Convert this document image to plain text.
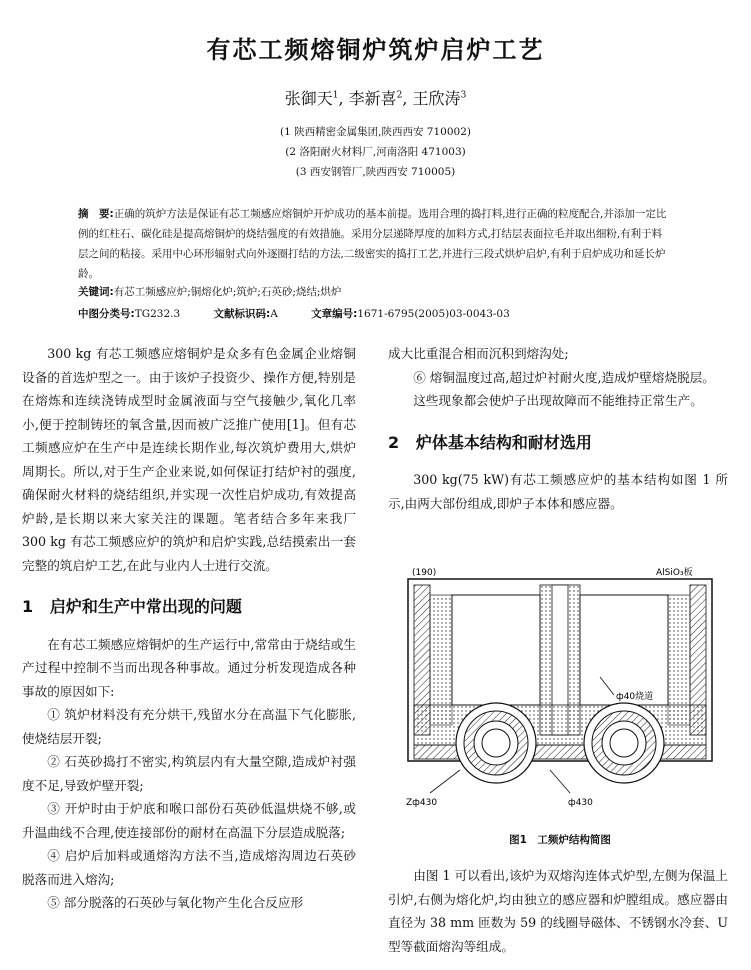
有芯工频熔铜炉筑炉启炉工艺
张御天$^1$, 李新喜$^2$, 王欣涛$^3$
(1 陕西精密金属集团,陕西西安 710002)
(2 洛阳耐火材料厂,河南洛阳 471003)
(3 西安钢管厂,陕西西安 710005)
摘　要:正确的筑炉方法是保证有芯工频感应熔铜炉开炉成功的基本前提。选用合理的捣打料,进行正确的粒度配合,并添加一定比例的红柱石、碳化硅是提高熔铜炉的烧结强度的有效措施。采用分层递降厚度的加料方式,打结层表面拉毛并取出细粉,有利于料层之间的粘接。采用中心环形辐射式向外逐圈打结的方法,二级密实的捣打工艺,并进行三段式烘炉启炉,有利于启炉成功和延长炉龄。
关键词:有芯工频感应炉;铜熔化炉;筑炉;石英砂;烧结;烘炉
中图分类号:TG232.3	文献标识码:A	文章编号:1671-6795(2005)03-0043-03

300 kg 有芯工频感应熔铜炉是众多有色金属企业熔铜设备的首选炉型之一。由于该炉子投资少、操作方便,特别是在熔炼和连续浇铸成型时金属液面与空气接触少,氧化几率小,便于控制铸坯的氧含量,因而被广泛推广使用[1]。但有芯工频感应炉在生产中是连续长期作业,每次筑炉费用大,烘炉周期长。所以,对于生产企业来说,如何保证打结炉衬的强度,确保耐火材料的烧结组织,并实现一次性启炉成功,有效提高炉龄,是长期以来大家关注的课题。笔者结合多年来我厂 300 kg 有芯工频感应炉的筑炉和启炉实践,总结摸索出一套完整的筑启炉工艺,在此与业内人士进行交流。

1 启炉和生产中常出现的问题

在有芯工频感应熔铜炉的生产运行中,常常由于烧结或生产过程中控制不当而出现各种事故。通过分析发现造成各种事故的原因如下:

① 筑炉材料没有充分烘干,残留水分在高温下气化膨胀,使烧结层开裂;

② 石英砂捣打不密实,构筑层内有大量空隙,造成炉衬强度不足,导致炉壁开裂;

③ 开炉时由于炉底和喉口部份石英砂低温烘烧不够,或升温曲线不合理,使连接部份的耐材在高温下分层造成脱落;

④ 启炉后加料或通熔沟方法不当,造成熔沟周边石英砂脱落而进入熔沟;

⑤ 部分脱落的石英砂与氧化物产生化合反应形

成大比重混合相而沉积到熔沟处;

⑥ 熔铜温度过高,超过炉衬耐火度,造成炉壁熔烧脱层。

这些现象都会使炉子出现故障而不能维持正常生产。

2 炉体基本结构和耐材选用

300 kg(75 kW)有芯工频感应炉的基本结构如图 1 所示,由两大部份组成,即炉子本体和感应器。

(190)	AlSiO₃板
ф40烧道
Zф430	ф430
图1　工频炉结构简图

由图 1 可以看出,该炉为双熔沟连体式炉型,左侧为保温上引炉,右侧为熔化炉,均由独立的感应器和炉膛组成。感应器由直径为 38 mm 匝数为 59 的线圈导磁体、不锈钢水冷套、U 型等截面熔沟等组成。
